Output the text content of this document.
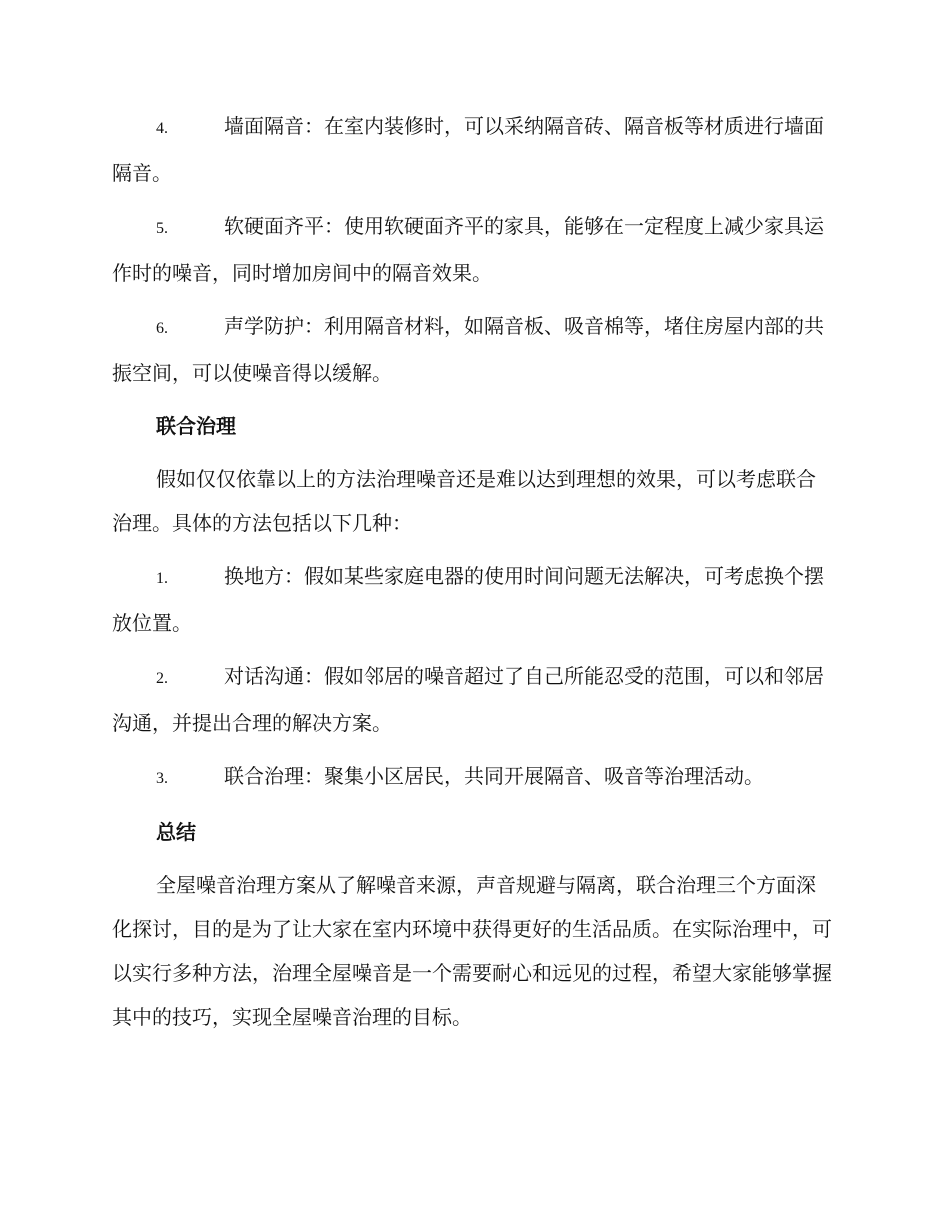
4.	墙面隔音：在室内装修时，可以采纳隔音砖、隔音板等材质进行墙面隔音。

5.	软硬面齐平：使用软硬面齐平的家具，能够在一定程度上减少家具运作时的噪音，同时增加房间中的隔音效果。

6.	声学防护：利用隔音材料，如隔音板、吸音棉等，堵住房屋内部的共振空间，可以使噪音得以缓解。

联合治理

假如仅仅依靠以上的方法治理噪音还是难以达到理想的效果，可以考虑联合治理。具体的方法包括以下几种：

1.	换地方：假如某些家庭电器的使用时间问题无法解决，可考虑换个摆放位置。

2.	对话沟通：假如邻居的噪音超过了自己所能忍受的范围，可以和邻居沟通，并提出合理的解决方案。

3.	联合治理：聚集小区居民，共同开展隔音、吸音等治理活动。

总结

全屋噪音治理方案从了解噪音来源，声音规避与隔离，联合治理三个方面深化探讨，目的是为了让大家在室内环境中获得更好的生活品质。在实际治理中，可以实行多种方法，治理全屋噪音是一个需要耐心和远见的过程，希望大家能够掌握其中的技巧，实现全屋噪音治理的目标。
